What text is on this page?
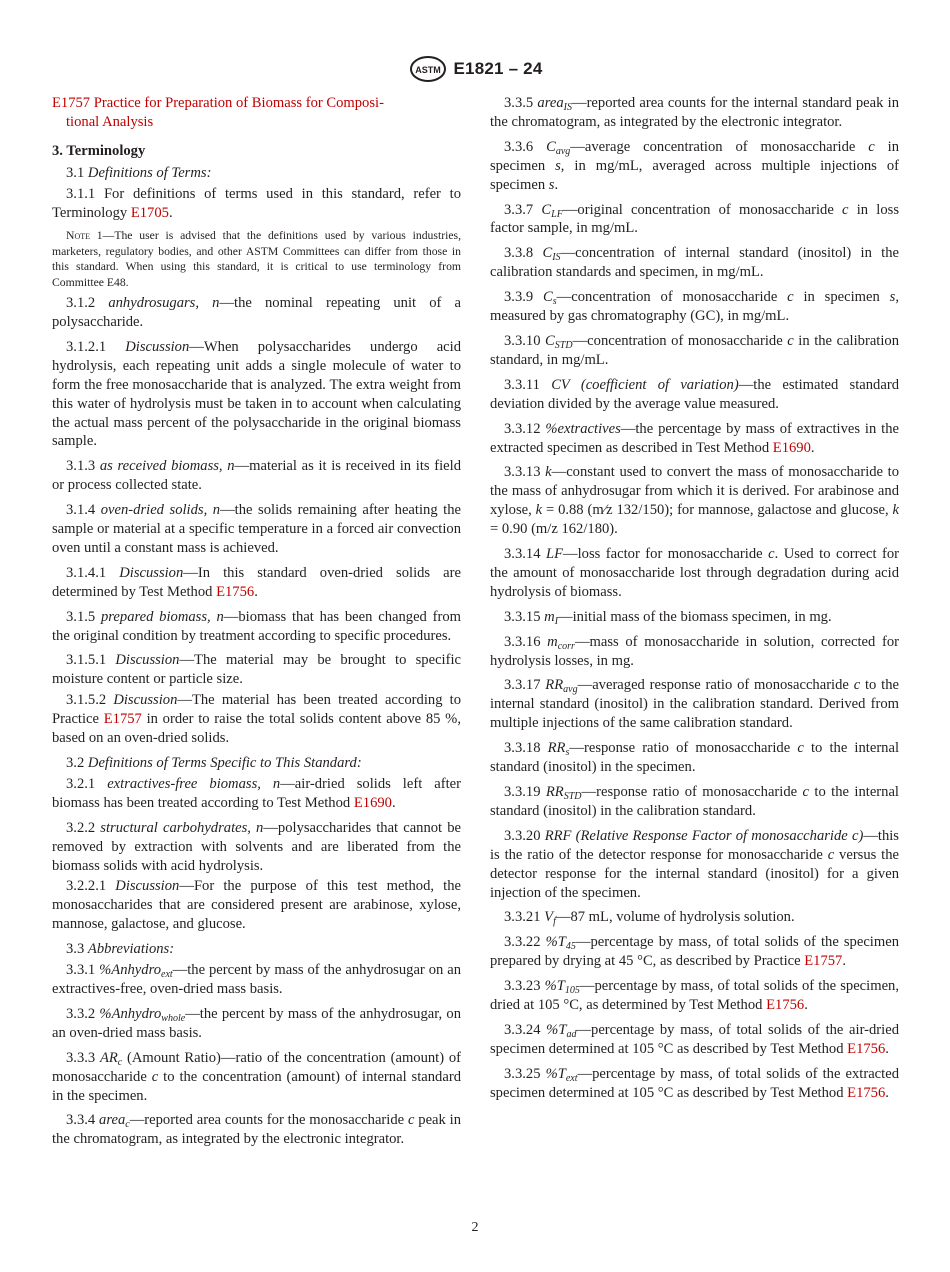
ASTM E1821 – 24

E1757 Practice for Preparation of Biomass for Composi-
tional Analysis

3. Terminology

3.1 Definitions of Terms:

3.1.1 For definitions of terms used in this standard, refer to Terminology E1705.

Note 1—The user is advised that the definitions used by various industries, marketers, regulatory bodies, and other ASTM Committees can differ from those in this standard. When using this standard, it is critical to use terminology from Committee E48.

3.1.2 anhydrosugars, n—the nominal repeating unit of a polysaccharide.

3.1.2.1 Discussion—When polysaccharides undergo acid hydrolysis, each repeating unit adds a single molecule of water to form the free monosaccharide that is analyzed. The extra weight from this water of hydrolysis must be taken in to account when calculating the actual mass percent of the polysaccharide in the original biomass sample.

3.1.3 as received biomass, n—material as it is received in its field or process collected state.

3.1.4 oven-dried solids, n—the solids remaining after heating the sample or material at a specific temperature in a forced air convection oven until a constant mass is achieved.

3.1.4.1 Discussion—In this standard oven-dried solids are determined by Test Method E1756.

3.1.5 prepared biomass, n—biomass that has been changed from the original condition by treatment according to specific procedures.

3.1.5.1 Discussion—The material may be brought to specific moisture content or particle size.

3.1.5.2 Discussion—The material has been treated according to Practice E1757 in order to raise the total solids content above 85 %, based on an oven-dried solids.

3.2 Definitions of Terms Specific to This Standard:

3.2.1 extractives-free biomass, n—air-dried solids left after biomass has been treated according to Test Method E1690.

3.2.2 structural carbohydrates, n—polysaccharides that cannot be removed by extraction with solvents and are liberated from the biomass solids with acid hydrolysis.

3.2.2.1 Discussion—For the purpose of this test method, the monosaccharides that are considered present are arabinose, xylose, mannose, galactose, and glucose.

3.3 Abbreviations:

3.3.1 %Anhydro$_{ext}$—the percent by mass of the anhydrosugar on an extractives-free, oven-dried mass basis.

3.3.2 %Anhydro$_{whole}$—the percent by mass of the anhydrosugar, on an oven-dried mass basis.

3.3.3 $AR_c$ (Amount Ratio)—ratio of the concentration (amount) of monosaccharide c to the concentration (amount) of internal standard in the specimen.

3.3.4 area$_c$—reported area counts for the monosaccharide c peak in the chromatogram, as integrated by the electronic integrator.

3.3.5 area$_{IS}$—reported area counts for the internal standard peak in the chromatogram, as integrated by the electronic integrator.

3.3.6 $C_{avg}—average$ concentration of monosaccharide c in specimen s, in mg/mL, averaged across multiple injections of specimen s.

3.3.7 $C_{LF}—original$ concentration of monosaccharide c in loss factor sample, in mg/mL.

3.3.8 $C_{IS}—concentration$ of internal standard (inositol) in the calibration standards and specimen, in mg/mL.

3.3.9 $C_s—concentration$ of monosaccharide c in specimen s, measured by gas chromatography (GC), in mg/mL.

3.3.10 $C_{STD}—concentration$ of monosaccharide c in the calibration standard, in mg/mL.

3.3.11 CV (coefficient of variation)—the estimated standard deviation divided by the average value measured.

3.3.12 %extractives—the percentage by mass of extractives in the extracted specimen as described in Test Method E1690.

3.3.13 k—constant used to convert the mass of monosaccharide to the mass of anhydrosugar from which it is derived. For arabinose and xylose, k = 0.88 (m⁄z 132/150); for mannose, galactose and glucose, k = 0.90 (m/z 162/180).

3.3.14 LF—loss factor for monosaccharide c. Used to correct for the amount of monosaccharide lost through degradation during acid hydrolysis of biomass.

3.3.15 $m_I—initial$ mass of the biomass specimen, in mg.

3.3.16 $m_{corr}—mass$ of monosaccharide in solution, corrected for hydrolysis losses, in mg.

3.3.17 $RR_{avg}—averaged$ response ratio of monosaccharide c to the internal standard (inositol) in the calibration standard. Derived from multiple injections of the same calibration standard.

3.3.18 $RR_s—response$ ratio of monosaccharide c to the internal standard (inositol) in the specimen.

3.3.19 $RR_{STD}—response$ ratio of monosaccharide c to the internal standard (inositol) in the calibration standard.

3.3.20 RRF (Relative Response Factor of monosaccharide c)—this is the ratio of the detector response for monosaccharide c versus the detector response for the internal standard (inositol) for a given injection of the specimen.

3.3.21 $V_f—87$ mL, volume of hydrolysis solution.

3.3.22 $\%T_{45}—percentage$ by mass, of total solids of the specimen prepared by drying at 45 °C, as described by Practice E1757.

3.3.23 $\%T_{105}—percentage$ by mass, of total solids of the specimen, dried at 105 °C, as determined by Test Method E1756.

3.3.24 $\%T_{ad}—percentage$ by mass, of total solids of the air-dried specimen determined at 105 °C as described by Test Method E1756.

3.3.25 $\%T_{ext}—percentage$ by mass, of total solids of the extracted specimen determined at 105 °C as described by Test Method E1756.

2
